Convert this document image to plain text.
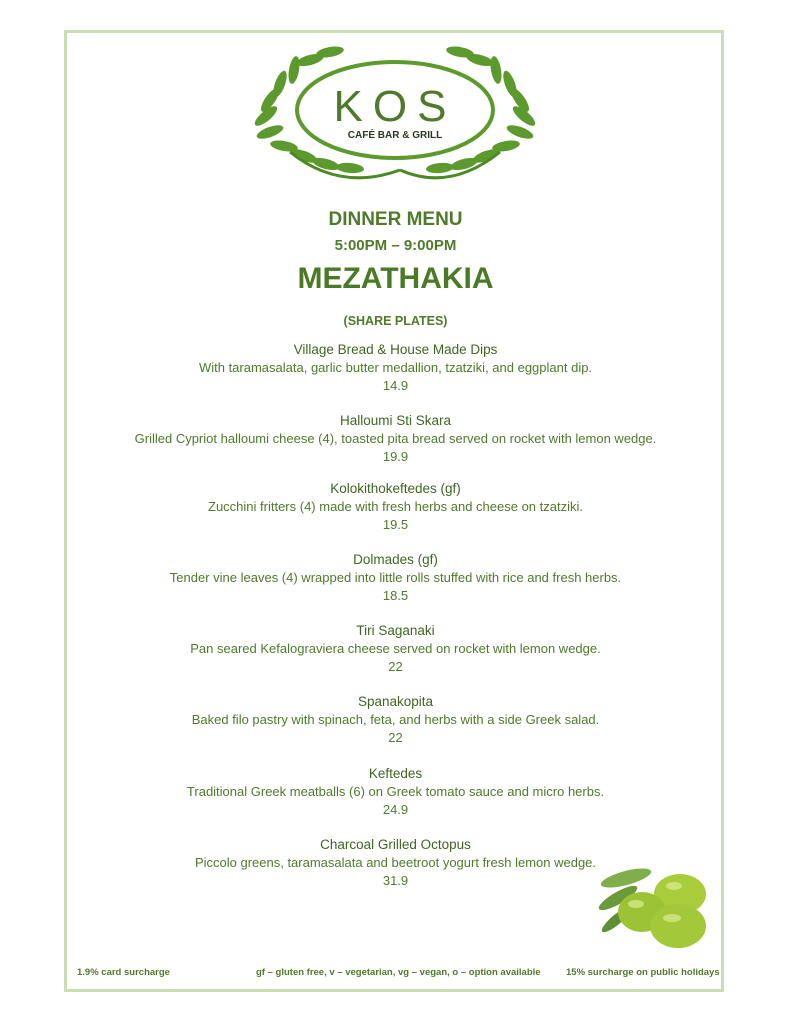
KOS
CAFÉ BAR & GRILL
DINNER MENU
5:00PM – 9:00PM
MEZATHAKIA
(SHARE PLATES)
Village Bread & House Made Dips
With taramasalata, garlic butter medallion, tzatziki, and eggplant dip.
14.9
Halloumi Sti Skara
Grilled Cypriot halloumi cheese (4), toasted pita bread served on rocket with lemon wedge.
19.9
Kolokithokeftedes (gf)
Zucchini fritters (4) made with fresh herbs and cheese on tzatziki.
19.5
Dolmades (gf)
Tender vine leaves (4) wrapped into little rolls stuffed with rice and fresh herbs.
18.5
Tiri Saganaki
Pan seared Kefalograviera cheese served on rocket with lemon wedge.
22
Spanakopita
Baked filo pastry with spinach, feta, and herbs with a side Greek salad.
22
Keftedes
Traditional Greek meatballs (6) on Greek tomato sauce and micro herbs.
24.9
Charcoal Grilled Octopus
Piccolo greens, taramasalata and beetroot yogurt fresh lemon wedge.
31.9
1.9% card surcharge	gf – gluten free, v – vegetarian, vg – vegan, o – option available	15% surcharge on public holidays
